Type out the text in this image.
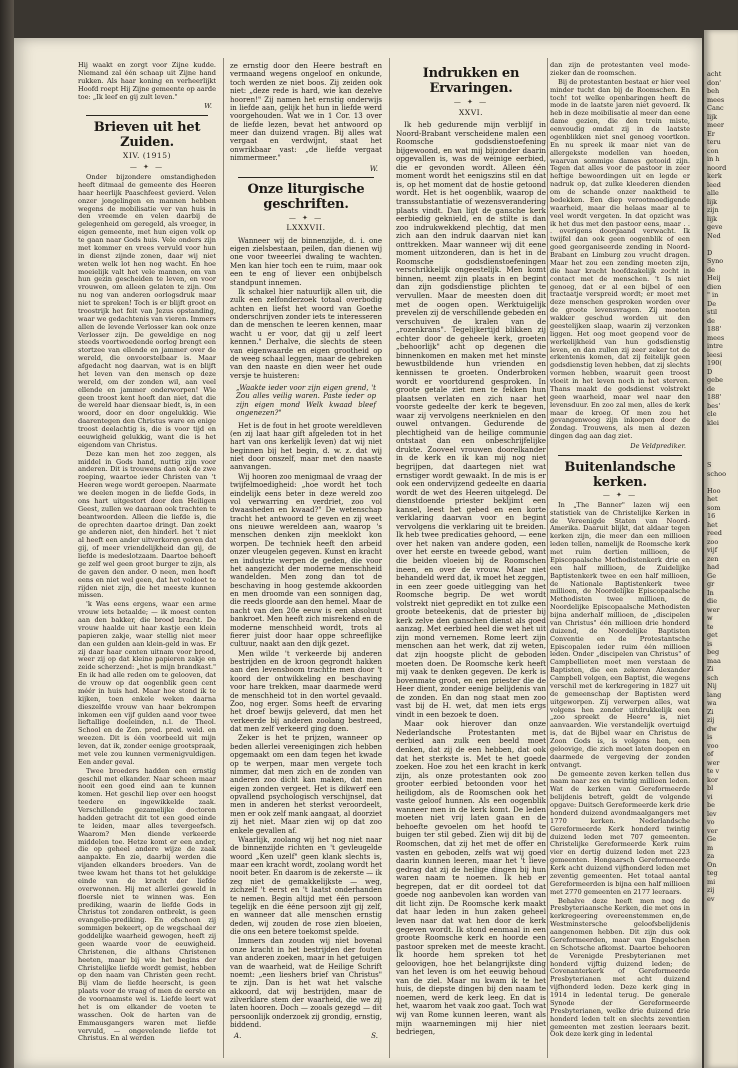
acht
don'
beh
mees
Canc
lijk
meer
Er
teru
con
in h
noord
kerk
leed
alle
lijk
zijn
lijk
geve
Ned

D
Syno
de
Heij
dien
" in
De
stil
de
188'
mees
intre
leesi
190(
D
gebe
de
188'
bes'
cle
klei

S
schoo

Hoo
het
som
16
het
reed
zoo
vijf
zen
had
Ge
gr
In
die
wer
w
te
get
is
beg
maa
Zi
sch
Nij
lang
wa
Zi
zij
dw
is
voo
of
wer
te v
kor
bl
vi
be
lev
vo
ver
Ge
m
za
On
teg
mi
zij
ev

Hij waakt en zorgt voor Zijne kudde. Niemand zal één schaap uit Zijne hand rukken. Als haar koning en verheerlijkt Hoofd roept Hij Zijne gemeente op aarde toe: „Ik leef en gij zult leven."

W.
Brieven uit het Zuiden.
XIV. (1915)
— ✦ —

Onder bijzondere omstandigheden heeft ditmaal de gemeente des Heeren haar heerlijk Paaschfeest gevierd. Velen onzer jongelingen en mannen hebben wegens de mobilisatie ver van huis in den vreemde en velen daarbij de gelegenheid om geregeld, als vroeger, in eigen gemeente, met hun eigen volk op te gaan naar Gods huis. Vele onders zijn met kommer en vrees vervuld voor hun in dienst zijnde zonen, daar wij niet weten welk lot hen nog wacht. En hoe moeielijk valt het vele mannen, om van hun gezin gescheiden te leven, en voor vrouwen, om alleen gelaten te zijn. Om nu nog van anderen oorlogsdruk maar niet te spreken! Toch is er blijft groot en troostrijk het feit van Jezus opstanding, waar we gedachtenis van vieren. Immers allen de levende Verlosser kan ook onze Verlosser zijn. De geweldige en nog steeds voortwoedende oorlog brengt een stortzee van ellende en jammer over de wereld, die onvoorstelbaar is. Maar afgedacht nog daarvan, wat is en blijft het leven van den mensch op deze wereld, om der zonden wil, aan veel ellende en jammer onderworpen! Wie geen troost kent hoeft dan niet, dat die de wereld haar diensaar biedt, is, in een woord, door en door ongelukkig. Wie daarentegen den Christus ware en enige troost deelachtig is, die is voor tijd en eeuwigheid gelukkig, want die is het eigendom van Christus.

Deze kan men het zoo zeggen, als middel in Gods hand, nuttig zijn voor anderen. Dit is trouwens dan ook de zwe roeping, waartoe ieder Christen van 't Heeren wege wordt geroepen. Naarmate we deelen mogen in de liefde Gods, in ons hart uitgestort door den Heiligen Geest, zullen we daaraan ook trachten te beantwoorden. Alleen die liefde is, die de oprechten daartoe dringt. Dan zoekt ge anderen niet, den hinderl. het 't niet al heeft een ander uitverkoren geven dat gij, of meer vriendelijkheid dan gij, de liefde is medeslotzaam. Daartoe behoeft ge zelf wel geen groot burger te zijn, als de gaven den ander. O neen, men hoeft eens en niet wel geen, dat het voldoet te rijden niet zijn, die het meeste kunnen missen.

'k Was eens ergens, waar een arme vrouw iets betaalde; — ik moest centen aan den bakker, die brood bracht. De vrouw haalde uit haar kastje een klein papieren zakje, waar stellig niet meer dan een gulden aan klein-geld in was. Er zij daar haar centen uitnam voor brood, weer zij op dat kleine papieren zakje en zeide scherzend: „het is mijn brandkast." En ik had alle reden om te gelooven, dat de vrouw op dat oogenblik geen cent méér in huis had. Maar hoe stond ik te kijken, toen enkele weken daarna dieszelfde vrouw van haar bekrompen inkomen een vijf gulden aand voor twee lieftallige doeleinden, n.l. de Theol. School en de Zen. pred. pred. weld. en weezen. Dit is één voorbeeld uit mijn leven, dat ik, zonder eenige grootspraak, met vele zou kunnen vermenigvuldigen. Een ander geval.

Twee broeders hadden een ernstig geschil met elkander. Naar scheen maar nooit een goed eind aan te kunnen komen. Het geschil liep over een hoogst teedere en ingewikkelde zaak. Verschillende gezamelijke doctoren hadden getracht dit tot een goed einde te leiden, maar alles tevergeefsch. Waarom? Men diende verkeerde middelen toe. Hetze komt er een ander, die op geheel andere wijze de zaak aanpakte. En zie, daarbij werden die vijanden elkanders broeders. Van de twee kwam het thans tot het gelukkige einde van de kracht der liefde overwonnen. Hij met allerlei geweld in floersle niet te winnen was. Een prediking, waarin de liefde Gods in Christus tot zondaren ontbrekt, is geen evangelie-prediking. En ofschoon zij sommigen bekeert, op de wegschaal der goddelijke waarheid gewogen, heeft zij geen waarde voor de eeuwigheid. Christenen, die althans Christenen heeten, maar bij wie het begins der Christelijke liefde wordt gemist, hebben op den naam van Christen geen recht. Bij vlam de liefde heerscht, is geen plaats voor de vraag of men de eerste en de voornaamste wel is. Liefde leert wat het is om elkander de voeten te wasschen. Ook de harten van de Emmausgangers waren met liefde vervuld, — ongevelende liefde tot Christus. En al werden

ze ernstig door den Heere bestraft en vermaand wegens ongeloof en onkunde, toch werden ze niet boos. Zij zeiden ook niet: „deze rede is hard, wie kan dezelve hooren!" Zij namen het ernstig onderwijs in liefde aan, gelijk het hun in liefde werd voorgehouden. Wat we in 1 Cor. 13 over de liefde lezen, bevat het antwoord op meer dan duizend vragen. Bij alles wat vergaat en verdwijnt, staat het onwrikbaar vast: „de liefde vergaat nimmermeer."

W.
Onze liturgische geschriften.
— ✦ —
LXXXVII.

Wanneer wij de binnenzijde, d. i. one eigen zielsbestaan, peilen, dan dienen wij one voor tweeerlei dwaling te wachten. Men kan hier toch een te ruim, maar ook een te eng of liever een onbijbelsch standpunt innemen.

Ik schakel hier natuurlijk allen uit, die zulk een zelfonderzoek totaal overbodig achten en liefst het woord van Goethe onderschrijven zonder iets te interesseren dan de menschen te leeren kennen, maar wacht u er voor, dat gij u zelf leert kennen." Derhalve, die slechts de steen van eigenwaarde en eigen grootheid op de weeg schaal leggen, maar de gebreken van den naaste en dien weer het oude versje te huisteren:

„Waakte ieder voor zijn eigen grend, 't Zou alles veilig waren. Paste ieder op zijn eigen mond Welk kwaad bleef ongenezen?"

Het is de fout in het groote wereldleven (en zij laat haar gift afgeleden tot in het hart van ons kerkelijk leven) dat wij niet beginnen bij het begin, d. w. z. dat wij niet door onszelf, maar met den naaste aanvangen.

Wij hooren zoo menigmaal de vraag der twijfelmoedigheid: „hoe wordt het toch eindelijk eens beter in deze wereld zoo vol verwarring en verdriet, zoo vol dwaasheden en kwaad?" De wetenschap tracht het antwoord te geven en zij weet ons nieuwe wereldeen aan, waarop 's menschen denken zijn meeklokt kon worpen. De techniek heeft den arbeid onzer vleugelen gegeven. Kunst en kracht en industrie werpen de geden, die voor het aangezicht der moderne menschheid wandelden. Men zong dan tot de beschaving in hoog gestemde akkoorden en men droomde van een sonnigen dag, die reeds gloorde aan den hemel. Maar de nacht van den 20e eeuw is een absoluut bankroet. Men heeft zich misrekend en de moderne menschheid wordt, trots al fierer juist door haar oppe schreeflijke cultuur, naakt aan den dijk gezet.

Men wilde 't verkeerde bij anderen bestrijden en de kroon gegrondt hakken aan den levensboom trachtte men door 't koord der ontwikkeling en beschaving voor hare trekken, maar daarmede werd de menschheid tot in den wortel gevaald. Zoo, nog erger. Soms heeft de ervaring het droef bewijs geleverd, dat men het verkeerde bij anderen zoolang bestreed, dat men zelf verkeerd ging doen.

Zeker is het te prijzen, wanneer op beden allerlei vereenigingen zich hebben opgemaakt om een dam tegen het kwade op te werpen, maar men vergete toch nimmer, dat men zich en de zonden van anderen zoo dicht kan maken, dat men eigen zonden vergeet. Het is dikwerf een opvallend psychologisch verschijnsel, dat men in anderen het sterkst veroordeelt, men er ook zelf mank aangaat, al doorziet zij het niet. Maar zien wij op dat zoo enkele gevallen af.

Waarlijk, zoolang wij het nog niet naar de binnenzijde richten en 't gevleugelde woord „Ken uzelf" geen klank slechts is, maar een kracht wordt, zoolang wordt het nooit beter. En daarom is de zekerste — ik zeg niet de gemakkelijkste — weg, zichzelf 't eerst en 't laatst onderhanden te nemen. Begin altijd met één persoon tegelijk en die ééne persoon zijt gij zelf, en wanneer dat alle menschen ernstig deden, wij zouden de rose zien bloeien, die ons een betere toekomst spelde.

Immers dan zouden wij niet bovenal onze kracht in het bestrijden der fouten van anderen zoeken, maar in het getuigen van de waarheid, wat de Heilige Schrift noemt: „een lieshers brief van Christus" te zijn. Dan is het wat het valsche akkoord, dat wij bestrijden, maar de zilverklare stem der waarheid, die we zij laten hooren. Doch — zooals gezegd — dit persoonlijk onderzoek zij grondig, ernstig, biddend.

A.	S.
Indrukken en Ervaringen.
— ✦ —
XXVI.

Ik heb gedurende mijn verblijf in Noord-Brabant verscheidene malen een Roomsche godsdienstoefening bijgewoond, en wat mij bijzonder daarin opgevallen is, was de weinige eerbied, die er gevonden wordt. Alleen één moment wordt het eenigszins stil en dat is, op het moment dat de hostie getoond wordt. Het is het oogenblik, waarop de transsubstantiatie of wezensverandering plaats vindt. Dan ligt de gansche kerk eerbiedig geknield, en de stilte is dan zoo indrukwekkend plechtig, dat men zich aan den indruk daarvan niet kan onttrekken. Maar wanneer wij dit eene moment uitzonderen, dan is het in de Roomsche godsdienstoefeningen verschrikkelijk ongeestelijk. Men komt binnen, neemt zijn plaats in en begint dan zijn godsdienstige plichten te vervullen. Maar de meesten doen dit met de oogen open. Werktuigelijk prevelen zij de verschillende gebeden en verschuiven de kralen van de „rozenkrans". Tegelijkertijd blikken zij echter door de geheele kerk, groeten „behoorlijk" acht op degenen die binnenkomen en maken met het minste bewustbildende hun vrienden en kennissen te groeten. Onderbroken wordt er voortdurend gesproken. In groote getale ziet men te fekken hun plaatsen verlaten en zich naar het voorste gedeelte der kerk te begeven, waar zij vervolgens neerknielen en den ouwel ontvangen. Gedurende de plechtigheid van de heilige communie ontstaat dan een onbeschrijfelijke drukte. Zooveel vrouwen doorelkander in de kerk en ik kan mij nog niet begrijpen, dat daartegen niet wat ernstiger wordt gewaakt. In de mis is er ook een ondervijzend gedeelte en daaria wordt de wet des Heeren uitgelegd. De dienstdoende priester bekljimt een kansel, leest het gebed en een korte verklaring daarvan voor en begint vervolgens die verklaring uit te breiden. Ik heb twee predicaties gehoord, — eene over het naken van andere goden, een over het eerste en tweede gebod, want die beiden vloeien bij de Roomschen ineen, en over de vrouw. Maar niet behandeld werd dat, ik moet het zeggen, in een zeer goede uitlegging van het Roomsche begrip. De wet wordt volstrekt niet gepredikt en tot zulke een groote beteekenis, dat de priester bij kerk zelve den ganschen dienst als goed aanzag. Met eerbied heel die wet het uit zijn mond vernemen. Rome leert zijn menschen aan het werk, dat zij weten, dat zijn hoogste plicht de geboden moeten doen. De Roomsche kerk heeft mij vaak te denken gegeven. De kerk is bovenmate groot, en een priester die de Heer dient, zonder eenige belijdenis van de zonden. En dan nog staat men zoo vast bij de H. wet, dat men iets ergs vindt in een bezoek te doen.

Maar ook hierover dan onze Nederlandsche Protestanten met eerbied aan zulk een beeld moet denken, dat zij de een hebben, dat ook dat het sterkste is. Met te het goede zoeken. Hoe zou het een kracht in kerk zijn, als onze protestanten ook zoo grooter eerbied betoonden voor het heiligdom, als de Roomschen ook het vaste geloof hunnen. Als een oogenblik wanneer men in de kerk komt. De leden moeten niet vrij laten gaan en de behoefte gevoelen om het hoofd te buigen ter stil gebed. Zien wij dit bij de Roomschen, dat zij het met de offer en vasten en geboden, zelfs wat wij goed daarin kunnen leeren, maar het 't lieve gedrag dat zij de heilige dingen bij hun waren naam te noemen. Ik heb er begrepen, dat er dit oordeel tot dat goede nog aanbevolen kan worden van dit licht zijn. De Roomsche kerk maakt dat haar leden in hun zaken geheel leven naar dat wat hen door de kerk gegeven wordt. Ik stond eenmaal in een groote Roomsche kerk en hoorde een pastoor spreken met de meeste kracht. Ik hoorde hem spreken tot het geloovigen, hoe het belangrijkste ding van het leven is om het eeuwig behoud van de ziel. Maar nu kwam ik te het huis, de diepste dingen bij den naam te noemen, werd de kerk leeg. En dat is het, waarom het vaak zoo gaat. Toch wat wij van Rome kunnen leeren, want als mijn waarnemingen mij hier niet bedriegen,

dan zijn de protestanten veel mode-zieker dan de roomschen.

Bij de protestanten bestaat er hier veel minder tucht dan bij de Roomschen. En toch! tot welke openbaringen heeft de mode in de laatste jaren niet gevoerd. Ik heb in deze moibilisatie al meer dan eene dame gezien, die den trein miste, eenvoudig omdat zij in de laatste ogenblikken niet snel genoeg voortkon. En nu spreek ik maar niet van de allergekste modellen van hoeden, waarvan sommige dames getooid zijn. Tegen dat alles voor de pastoor in zeer heftige bewoordingen uit en legde er nadruk op, dat zulke kleederen dienden om de schande onzer naaktheid te bedekken. Een diep verootmoedigende waarheid, maar die helaas maar al te veel wordt vergeten. In dat opzicht was ik het dus met den pastoor eens, maar . . . overigens doorgaand verwacht. Ik twijfel dan ook geen oogenblik of een goed georganiseerde zending in Noord-Brabant en Limburg zou vrucht dragen. Maar het zou een zending moeten zijn, die haar kracht hoofdzakelijk zocht in contact met de menschen. 't Is niet genoeg, dat er al een bijbel of een tractaatje verspreid wordt; er moet met deze menschen gesproken worden over de groote levensvragen. Zij moeten wakker geschud worden uit den geestelijken slaap, waarin zij verzonken liggen. Het oog moet geopend voor de werkelijkheid van hun godsdienstig leven, en dan zullen zij zeer zeker tot de erkentenis komen, dat zij feitelijk geen godsdienstig leven hebben, dat zij slechts vormen hebben, waaruit geen troost vloeit in het leven noch in het sterven. Thans maakt de godsdienst volstrekt geen waarheid, maar wel naar den levensduur. En zoo zal men, alles de kerk maar de kroeg. Of men zou het gevangenwoog zijn inkoopen door de Zondag. Trouwens, als men al dezen dingen dag aan dag ziet.

De Veldprediker.
Buitenlandsche kerken.
— ✦ —

In „The Banner" lazen wij een statistiek van de Christelijke Kerken in de Vereenigde Staten van Noord-Amerika. Daaruit blijkt, dat aldaar tegen kerken zijn, die meer dan een millioen leden tellen, namelijk de Roomsche kerk met ruim dertien millioen, de Episcopaalsche Methodistenkerk drie en een half millioen, de Zuidelijke Baptistenkerk twee en een half millioen, de Nationale Baptistenkerk twee millioen, de Noordelijke Episcopaalsche Methodisten twee millioen, de Noordelijke Episcopaalsche Methodisten bijna anderhalf millioen, de „discipelen van Christus" één millioen drie honderd duizend, de Noordelijke Baptisten Conventie en de Protestantsche Episcopalen ieder ruim één millioen leden. Onder „discipelen van Christus" of Campbellieten moet men verstaan de Baptisten, die een zekeren Alexander Campbell volgen, een Baptist, die wegens verschil met de kerkregering in 1827 uit de gemeenschap der Baptisten werd uitgeworpen. Zij verwerpen alles, wat volgens hen zonder uitdrukkelijk een „zoo spreekt de Heere" is, niet aanvaarden. Wie verstandelijk overtuigd is, dat de Bijbel waar en Christus de Zoon Gods is, is volgens hen, een geloovige, die zich moet laten doopen en daarmede de vergeving der zonden ontvangt.

De gemeente zeven kerken tellen dus naam naar zes en twintig millioen leden. Wat de kerken van Gereformeerde belijdenis betreft, geldt de volgende opgave: Duitsch Gereformeerde kerk drie honderd duizend avondmaalgangers met 1770 kerken. Nederlandsche Gereformeerde Kerk honderd twintig duizend leden met 707 gemeenten. Christelijke Gereformeerde Kerk ruim vier en dertig duizend leden met 223 gemeenten. Hongaarsch Gereformeerde Kerk acht duizend vijfhonderd leden met zeventig gemeenten. Het totaal aantal Gereformeerden is bijna een half millioen met 2770 gemeenten en 2177 leeraars.

Behalve deze heeft men nog de Presbyteriaansche Kerken, die met ons in kerkregeering overeenstemmen en,de Westminstersche geloofsbelijdenis aangenomen hebben. Dit zijn dus ook Gereformeerden, maar van Engelschen en Schotsche afkomst. Daartoe behooren de Verenigde Presbyterianen met honderd vijftig duizend leden; de Covenanterkerk of Gereformeerde Presbyterianen met acht duizend vijfhonderd leden. Deze kerk ging in 1914 in ledental terug. De generale Synode der Gereformeerde Presbyterianen, welke drie duizend drie honderd leden telt en slechts zeventien gemeenten met zestien leeraars bezit. Ook deze kerk ging in ledental
